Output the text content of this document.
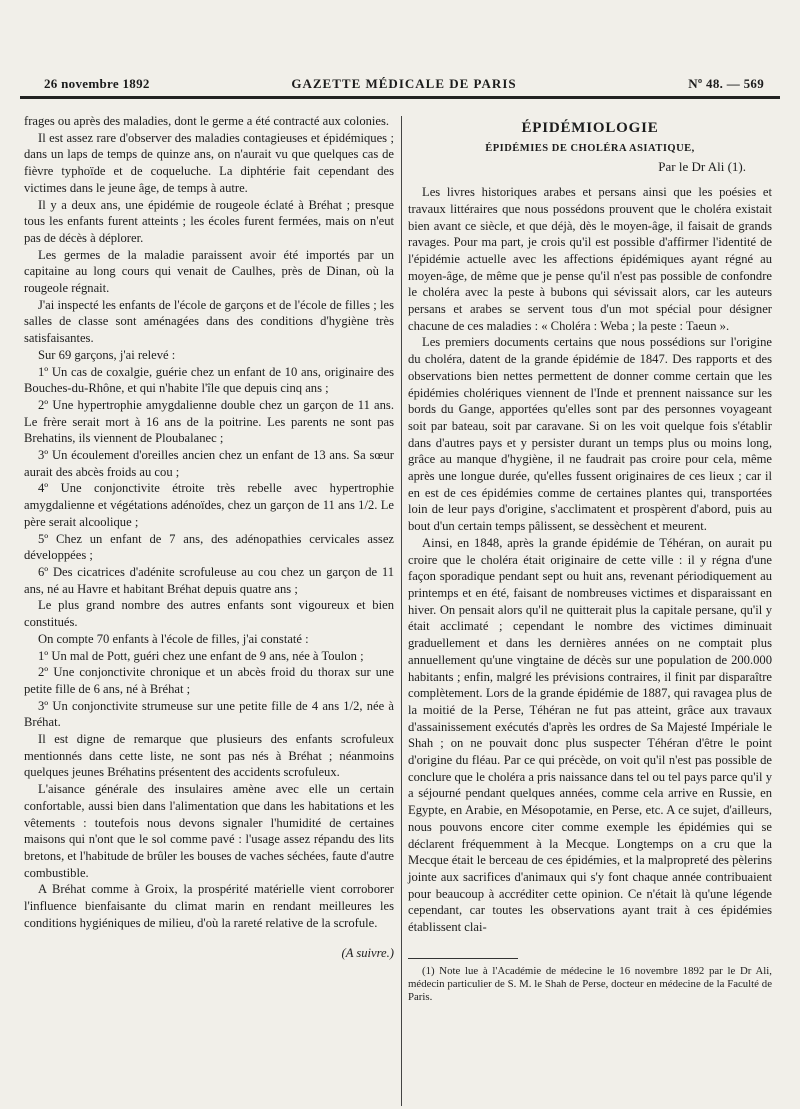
26 novembre 1892	GAZETTE MÉDICALE DE PARIS	Nº 48. — 569

frages ou après des maladies, dont le germe a été contracté aux colonies.

Il est assez rare d'observer des maladies contagieuses et épidémiques ; dans un laps de temps de quinze ans, on n'aurait vu que quelques cas de fièvre typhoïde et de coqueluche. La diphtérie fait cependant des victimes dans le jeune âge, de temps à autre.

Il y a deux ans, une épidémie de rougeole éclaté à Bréhat ; presque tous les enfants furent atteints ; les écoles furent fermées, mais on n'eut pas de décès à déplorer.

Les germes de la maladie paraissent avoir été importés par un capitaine au long cours qui venait de Caulhes, près de Dinan, où la rougeole régnait.

J'ai inspecté les enfants de l'école de garçons et de l'école de filles ; les salles de classe sont aménagées dans des conditions d'hygiène très satisfaisantes.

Sur 69 garçons, j'ai relevé :

1º Un cas de coxalgie, guérie chez un enfant de 10 ans, originaire des Bouches-du-Rhône, et qui n'habite l'île que depuis cinq ans ;

2º Une hypertrophie amygdalienne double chez un garçon de 11 ans. Le frère serait mort à 16 ans de la poitrine. Les parents ne sont pas Brehatins, ils viennent de Ploubalanec ;

3º Un écoulement d'oreilles ancien chez un enfant de 13 ans. Sa sœur aurait des abcès froids au cou ;

4º Une conjonctivite étroite très rebelle avec hypertrophie amygdalienne et végétations adénoïdes, chez un garçon de 11 ans 1/2. Le père serait alcoolique ;

5º Chez un enfant de 7 ans, des adénopathies cervicales assez développées ;

6º Des cicatrices d'adénite scrofuleuse au cou chez un garçon de 11 ans, né au Havre et habitant Bréhat depuis quatre ans ;

Le plus grand nombre des autres enfants sont vigoureux et bien constitués.

On compte 70 enfants à l'école de filles, j'ai constaté :

1º Un mal de Pott, guéri chez une enfant de 9 ans, née à Toulon ;

2º Une conjonctivite chronique et un abcès froid du thorax sur une petite fille de 6 ans, né à Bréhat ;

3º Un conjonctivite strumeuse sur une petite fille de 4 ans 1/2, née à Bréhat.

Il est digne de remarque que plusieurs des enfants scrofuleux mentionnés dans cette liste, ne sont pas nés à Bréhat ; néanmoins quelques jeunes Bréhatins présentent des accidents scrofuleux.

L'aisance générale des insulaires amène avec elle un certain confortable, aussi bien dans l'alimentation que dans les habitations et les vêtements : toutefois nous devons signaler l'humidité de certaines maisons qui n'ont que le sol comme pavé : l'usage assez répandu des lits bretons, et l'habitude de brûler les bouses de vaches séchées, faute d'autre combustible.

A Bréhat comme à Groix, la prospérité matérielle vient corroborer l'influence bienfaisante du climat marin en rendant meilleures les conditions hygiéniques de milieu, d'où la rareté relative de la scrofule.

(A suivre.)

ÉPIDÉMIOLOGIE
ÉPIDÉMIES DE CHOLÉRA ASIATIQUE,
Par le Dr Ali (1).

Les livres historiques arabes et persans ainsi que les poésies et travaux littéraires que nous possédons prouvent que le choléra existait bien avant ce siècle, et que déjà, dès le moyen-âge, il faisait de grands ravages. Pour ma part, je crois qu'il est possible d'affirmer l'identité de l'épidémie actuelle avec les affections épidémiques ayant régné au moyen-âge, de même que je pense qu'il n'est pas possible de confondre le choléra avec la peste à bubons qui sévissait alors, car les auteurs persans et arabes se servent tous d'un mot spécial pour désigner chacune de ces maladies : « Choléra : Weba ; la peste : Taeun ».

Les premiers documents certains que nous possédions sur l'origine du choléra, datent de la grande épidémie de 1847. Des rapports et des observations bien nettes permettent de donner comme certain que les épidémies cholériques viennent de l'Inde et prennent naissance sur les bords du Gange, apportées qu'elles sont par des personnes voyageant soit par bateau, soit par caravane. Si on les voit quelque fois s'établir dans d'autres pays et y persister durant un temps plus ou moins long, grâce au manque d'hygiène, il ne faudrait pas croire pour cela, même après une longue durée, qu'elles fussent originaires de ces lieux ; car il en est de ces épidémies comme de certaines plantes qui, transportées loin de leur pays d'origine, s'acclimatent et prospèrent d'abord, puis au bout d'un certain temps pâlissent, se dessèchent et meurent.

Ainsi, en 1848, après la grande épidémie de Téhéran, on aurait pu croire que le choléra était originaire de cette ville : il y régna d'une façon sporadique pendant sept ou huit ans, revenant périodiquement au printemps et en été, faisant de nombreuses victimes et disparaissant en hiver. On pensait alors qu'il ne quitterait plus la capitale persane, qu'il y était acclimaté ; cependant le nombre des victimes diminuait graduellement et dans les dernières années on ne comptait plus annuellement qu'une vingtaine de décès sur une population de 200.000 habitants ; enfin, malgré les prévisions contraires, il finit par disparaître complètement. Lors de la grande épidémie de 1887, qui ravagea plus de la moitié de la Perse, Téhéran ne fut pas atteint, grâce aux travaux d'assainissement exécutés d'après les ordres de Sa Majesté Impériale le Shah ; on ne pouvait donc plus suspecter Téhéran d'être le point d'origine du fléau. Par ce qui précède, on voit qu'il n'est pas possible de conclure que le choléra a pris naissance dans tel ou tel pays parce qu'il y a séjourné pendant quelques années, comme cela arrive en Russie, en Egypte, en Arabie, en Mésopotamie, en Perse, etc. A ce sujet, d'ailleurs, nous pouvons encore citer comme exemple les épidémies qui se déclarent fréquemment à la Mecque. Longtemps on a cru que la Mecque était le berceau de ces épidémies, et la malpropreté des pèlerins jointe aux sacrifices d'animaux qui s'y font chaque année contribuaient pour beaucoup à accréditer cette opinion. Ce n'était là qu'une légende cependant, car toutes les observations ayant trait à ces épidémies établissent clai-

(1) Note lue à l'Académie de médecine le 16 novembre 1892 par le Dr Ali, médecin particulier de S. M. le Shah de Perse, docteur en médecine de la Faculté de Paris.
